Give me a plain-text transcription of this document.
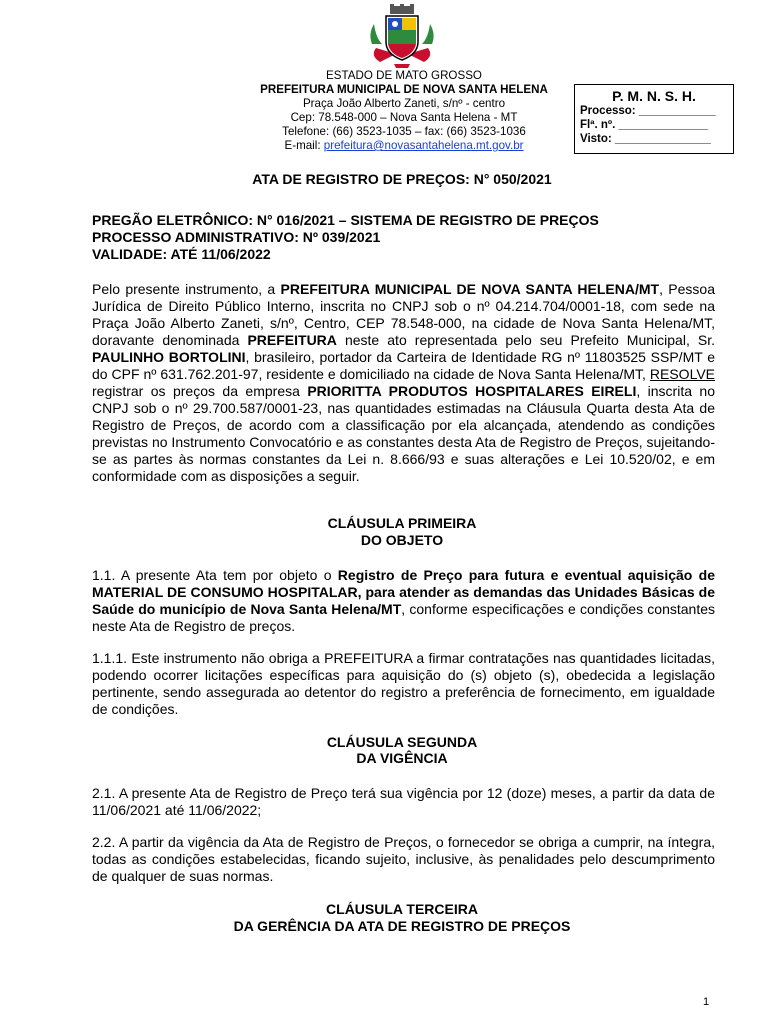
ESTADO DE MATO GROSSO
PREFEITURA MUNICIPAL DE NOVA SANTA HELENA
Praça João Alberto Zaneti, s/nº - centro
Cep: 78.548-000 – Nova Santa Helena - MT
Telefone: (66) 3523-1035 – fax: (66) 3523-1036
E-mail: prefeitura@novasantahelena.mt.gov.br
P. M. N. S. H.
Processo: ____________
Flª. nº. ______________
Visto: _______________
ATA DE REGISTRO DE PREÇOS: N° 050/2021
PREGÃO ELETRÔNICO: N° 016/2021 – SISTEMA DE REGISTRO DE PREÇOS
PROCESSO ADMINISTRATIVO: Nº 039/2021
VALIDADE: ATÉ 11/06/2022
Pelo presente instrumento, a PREFEITURA MUNICIPAL DE NOVA SANTA HELENA/MT, Pessoa Jurídica de Direito Público Interno, inscrita no CNPJ sob o nº 04.214.704/0001-18, com sede na Praça João Alberto Zaneti, s/nº, Centro, CEP 78.548-000, na cidade de Nova Santa Helena/MT, doravante denominada PREFEITURA neste ato representada pelo seu Prefeito Municipal, Sr. PAULINHO BORTOLINI, brasileiro, portador da Carteira de Identidade RG nº 11803525 SSP/MT e do CPF nº 631.762.201-97, residente e domiciliado na cidade de Nova Santa Helena/MT, RESOLVE registrar os preços da empresa PRIORITTA PRODUTOS HOSPITALARES EIRELI, inscrita no CNPJ sob o nº 29.700.587/0001-23, nas quantidades estimadas na Cláusula Quarta desta Ata de Registro de Preços, de acordo com a classificação por ela alcançada, atendendo as condições previstas no Instrumento Convocatório e as constantes desta Ata de Registro de Preços, sujeitando-se as partes às normas constantes da Lei n. 8.666/93 e suas alterações e Lei 10.520/02, e em conformidade com as disposições a seguir.
CLÁUSULA PRIMEIRA
DO OBJETO
1.1. A presente Ata tem por objeto o Registro de Preço para futura e eventual aquisição de MATERIAL DE CONSUMO HOSPITALAR, para atender as demandas das Unidades Básicas de Saúde do município de Nova Santa Helena/MT, conforme especificações e condições constantes neste Ata de Registro de preços.
1.1.1. Este instrumento não obriga a PREFEITURA a firmar contratações nas quantidades licitadas, podendo ocorrer licitações específicas para aquisição do (s) objeto (s), obedecida a legislação pertinente, sendo assegurada ao detentor do registro a preferência de fornecimento, em igualdade de condições.
CLÁUSULA SEGUNDA
DA VIGÊNCIA
2.1. A presente Ata de Registro de Preço terá sua vigência por 12 (doze) meses, a partir da data de 11/06/2021 até 11/06/2022;
2.2. A partir da vigência da Ata de Registro de Preços, o fornecedor se obriga a cumprir, na íntegra, todas as condições estabelecidas, ficando sujeito, inclusive, às penalidades pelo descumprimento de qualquer de suas normas.
CLÁUSULA TERCEIRA
DA GERÊNCIA DA ATA DE REGISTRO DE PREÇOS
1
